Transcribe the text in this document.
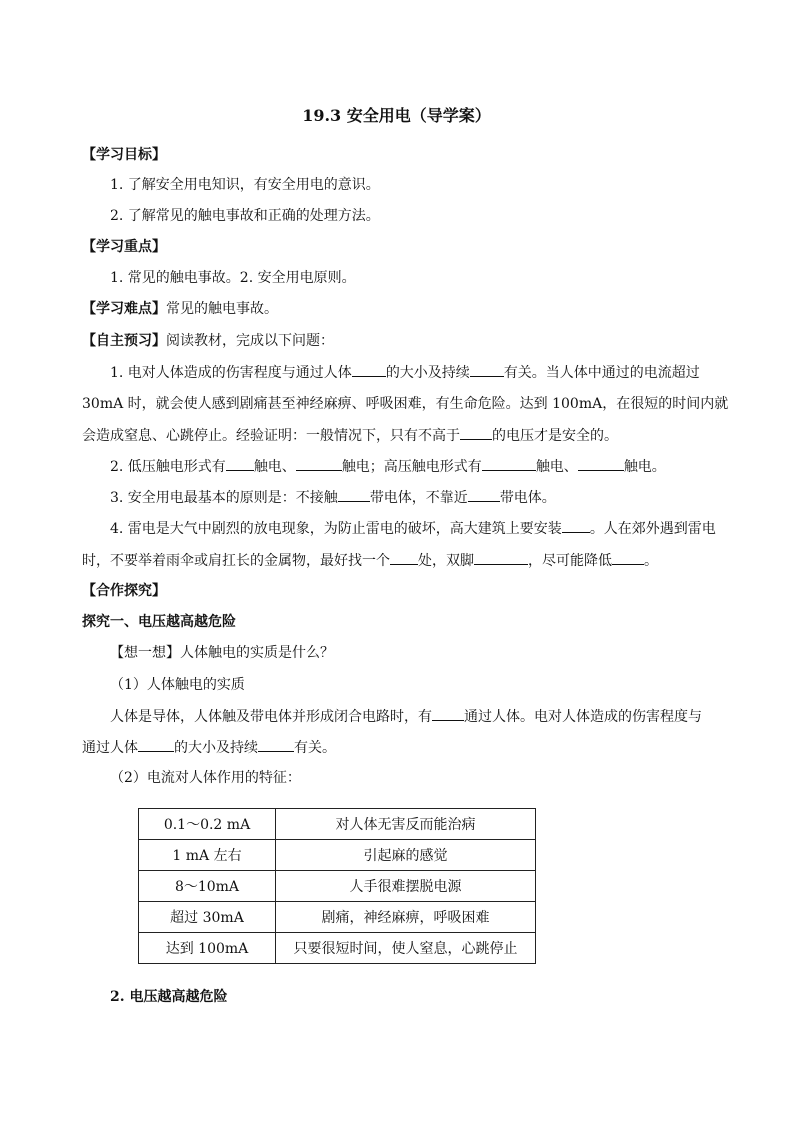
19.3 安全用电（导学案）
【学习目标】
1. 了解安全用电知识，有安全用电的意识。
2. 了解常见的触电事故和正确的处理方法。
【学习重点】
1. 常见的触电事故。2. 安全用电原则。
【学习难点】常见的触电事故。
【自主预习】阅读教材，完成以下问题：
1. 电对人体造成的伤害程度与通过人体 的大小及持续 有关。当人体中通过的电流超过
30mA 时，就会使人感到剧痛甚至神经麻痹、呼吸困难，有生命危险。达到 100mA，在很短的时间内就
会造成窒息、心跳停止。经验证明：一般情况下，只有不高于 的电压才是安全的。
2. 低压触电形式有 触电、	触电；高压触电形式有	触电、	触电。
3. 安全用电最基本的原则是：不接触 带电体，不靠近 带电体。
4. 雷电是大气中剧烈的放电现象，为防止雷电的破坏，高大建筑上要安装 。人在郊外遇到雷电
时，不要举着雨伞或肩扛长的金属物，最好找一个 处，双脚	，尽可能降低 。
【合作探究】
探究一、电压越高越危险
【想一想】人体触电的实质是什么？
（1）人体触电的实质
人体是导体，人体触及带电体并形成闭合电路时，有 通过人体。电对人体造成的伤害程度与
通过人体	的大小及持续	有关。
（2）电流对人体作用的特征：
0.1～0.2 mA	对人体无害反而能治病
1 mA 左右	引起麻的感觉
8～10mA	人手很难摆脱电源
超过 30mA	剧痛，神经麻痹，呼吸困难
达到 100mA	只要很短时间，使人窒息，心跳停止
2. 电压越高越危险
